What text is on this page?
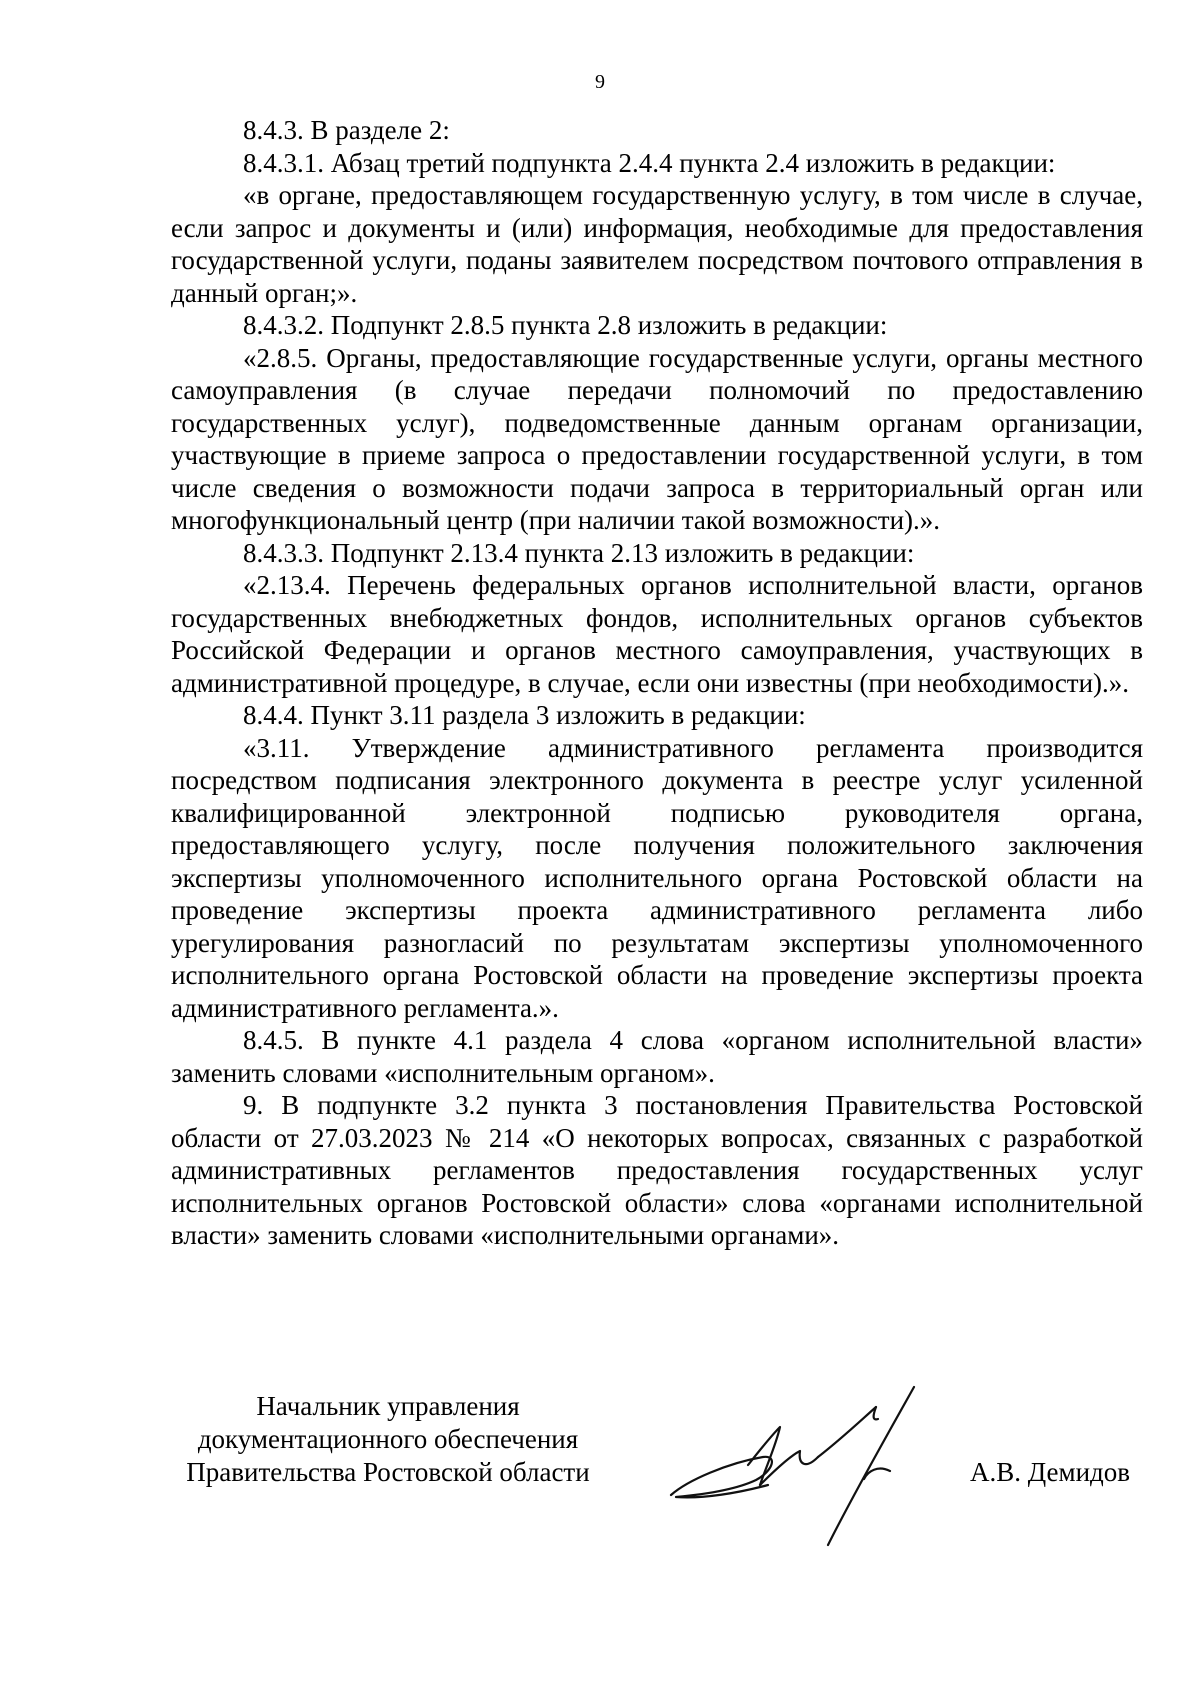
9

8.4.3. В разделе 2:

8.4.3.1. Абзац третий подпункта 2.4.4 пункта 2.4 изложить в редакции:

«в органе, предоставляющем государственную услугу, в том числе в случае, если запрос и документы и (или) информация, необходимые для предоставления государственной услуги, поданы заявителем посредством почтового отправления в данный орган;».

8.4.3.2. Подпункт 2.8.5 пункта 2.8 изложить в редакции:

«2.8.5. Органы, предоставляющие государственные услуги, органы местного самоуправления (в случае передачи полномочий по предоставлению государственных услуг), подведомственные данным органам организации, участвующие в приеме запроса о предоставлении государственной услуги, в том числе сведения о возможности подачи запроса в территориальный орган или многофункциональный центр (при наличии такой возможности).».

8.4.3.3. Подпункт 2.13.4 пункта 2.13 изложить в редакции:

«2.13.4. Перечень федеральных органов исполнительной власти, органов государственных внебюджетных фондов, исполнительных органов субъектов Российской Федерации и органов местного самоуправления, участвующих в административной процедуре, в случае, если они известны (при необходимости).».

8.4.4. Пункт 3.11 раздела 3 изложить в редакции:

«3.11. Утверждение административного регламента производится посредством подписания электронного документа в реестре услуг усиленной квалифицированной электронной подписью руководителя органа, предоставляющего услугу, после получения положительного заключения экспертизы уполномоченного исполнительного органа Ростовской области на проведение экспертизы проекта административного регламента либо урегулирования разногласий по результатам экспертизы уполномоченного исполнительного органа Ростовской области на проведение экспертизы проекта административного регламента.».

8.4.5. В пункте 4.1 раздела 4 слова «органом исполнительной власти» заменить словами «исполнительным органом».

9. В подпункте 3.2 пункта 3 постановления Правительства Ростовской области от 27.03.2023 № 214 «О некоторых вопросах, связанных с разработкой административных регламентов предоставления государственных услуг исполнительных органов Ростовской области» слова «органами исполнительной власти» заменить словами «исполнительными органами».

Начальник управления
документационного обеспечения
Правительства Ростовской области	А.В. Демидов
